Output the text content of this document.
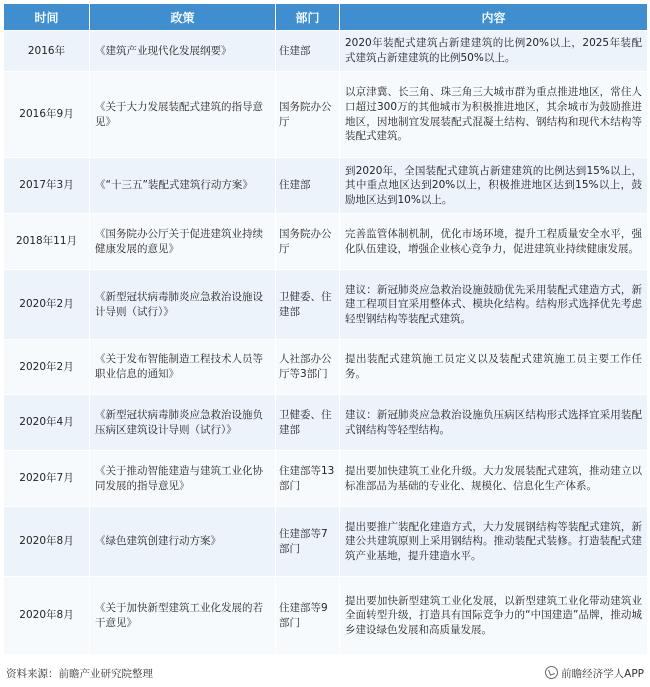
时间	政策	部门	内容
2016年	《建筑产业现代化发展纲要》	住建部	2020年装配式建筑占新建建筑的比例20%以上，2025年装配式建筑占新建建筑的比例50%以上。
2016年9月	《关于大力发展装配式建筑的指导意见》	国务院办公厅	以京津冀、长三角、珠三角三大城市群为重点推进地区，常住人口超过300万的其他城市为积极推进地区，其余城市为鼓励推进地区，因地制宜发展装配式混凝土结构、钢结构和现代木结构等装配式建筑。
2017年3月	《“十三五”装配式建筑行动方案》	住建部	到2020年，全国装配式建筑占新建建筑的比例达到15%以上，其中重点地区达到20%以上，积极推进地区达到15%以上，鼓励地区达到10%以上。
2018年11月	《国务院办公厅关于促进建筑业持续健康发展的意见》	国务院办公厅	完善监管体制机制，优化市场环境，提升工程质量安全水平，强化队伍建设，增强企业核心竞争力，促进建筑业持续健康发展。
2020年2月	《新型冠状病毒肺炎应急救治设施设计导则（试行）》	卫健委、住建部	建议：新冠肺炎应急救治设施鼓励优先采用装配式建造方式，新建工程项目宜采用整体式、模块化结构。结构形式选择优先考虑轻型钢结构等装配式建筑。
2020年2月	《关于发布智能制造工程技术人员等职业信息的通知》	人社部办公厅等3部门	提出装配式建筑施工员定义以及装配式建筑施工员主要工作任务。
2020年4月	《新型冠状病毒肺炎应急救治设施负压病区建筑设计导则（试行）》	卫健委、住建部	建议：新冠肺炎应急救治设施负压病区结构形式选择宜采用装配式钢结构等轻型结构。
2020年7月	《关于推动智能建造与建筑工业化协同发展的指导意见》	住建部等13部门	提出要加快建筑工业化升级。大力发展装配式建筑，推动建立以标准部品为基础的专业化、规模化、信息化生产体系。
2020年8月	《绿色建筑创建行动方案》	住建部等7部门	提出要推广装配化建造方式，大力发展钢结构等装配式建筑，新建公共建筑原则上采用钢结构。推动装配式装修。打造装配式建筑产业基地，提升建造水平。
2020年8月	《关于加快新型建筑工业化发展的若干意见》	住建部等9部门	提出要加快新型建筑工业化发展，以新型建筑工业化带动建筑业全面转型升级，打造具有国际竞争力的“中国建造”品牌，推动城乡建设绿色发展和高质量发展。
资料来源：前瞻产业研究院整理	前瞻经济学人APP
